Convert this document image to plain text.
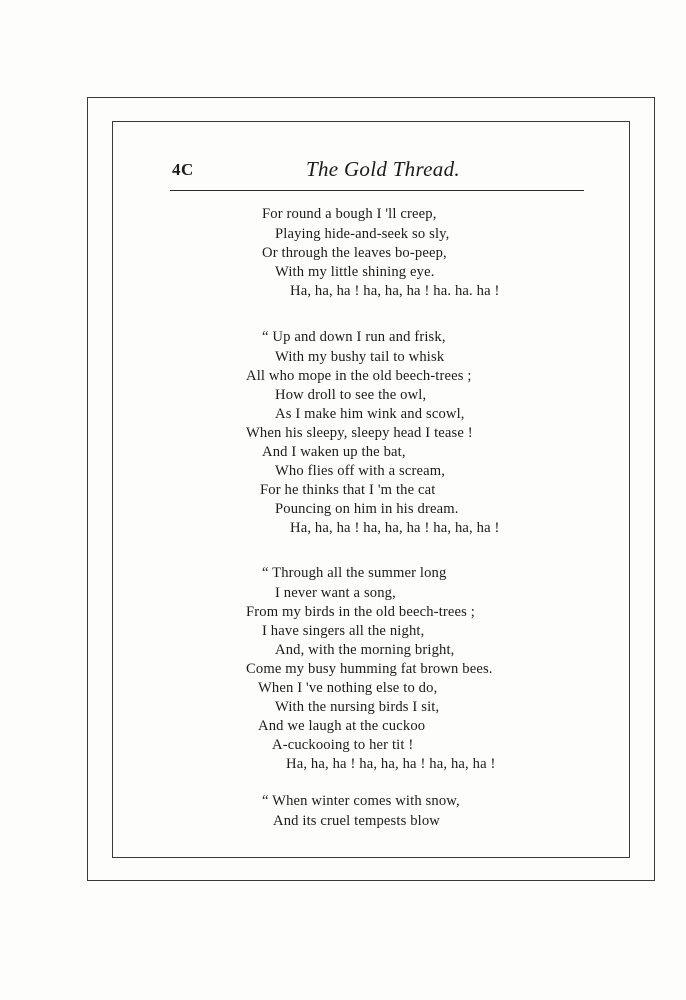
4C	The Gold Thread.
For round a bough I 'll creep,
Playing hide-and-seek so sly,
Or through the leaves bo-peep,
With my little shining eye.
Ha, ha, ha ! ha, ha, ha ! ha. ha. ha !
“ Up and down I run and frisk,
With my bushy tail to whisk
All who mope in the old beech-trees ;
How droll to see the owl,
As I make him wink and scowl,
When his sleepy, sleepy head I tease !
And I waken up the bat,
Who flies off with a scream,
For he thinks that I 'm the cat
Pouncing on him in his dream.
Ha, ha, ha ! ha, ha, ha ! ha, ha, ha !
“ Through all the summer long
I never want a song,
From my birds in the old beech-trees ;
I have singers all the night,
And, with the morning bright,
Come my busy humming fat brown bees.
When I 've nothing else to do,
With the nursing birds I sit,
And we laugh at the cuckoo
A-cuckooing to her tit !
Ha, ha, ha ! ha, ha, ha ! ha, ha, ha !
“ When winter comes with snow,
And its cruel tempests blow
